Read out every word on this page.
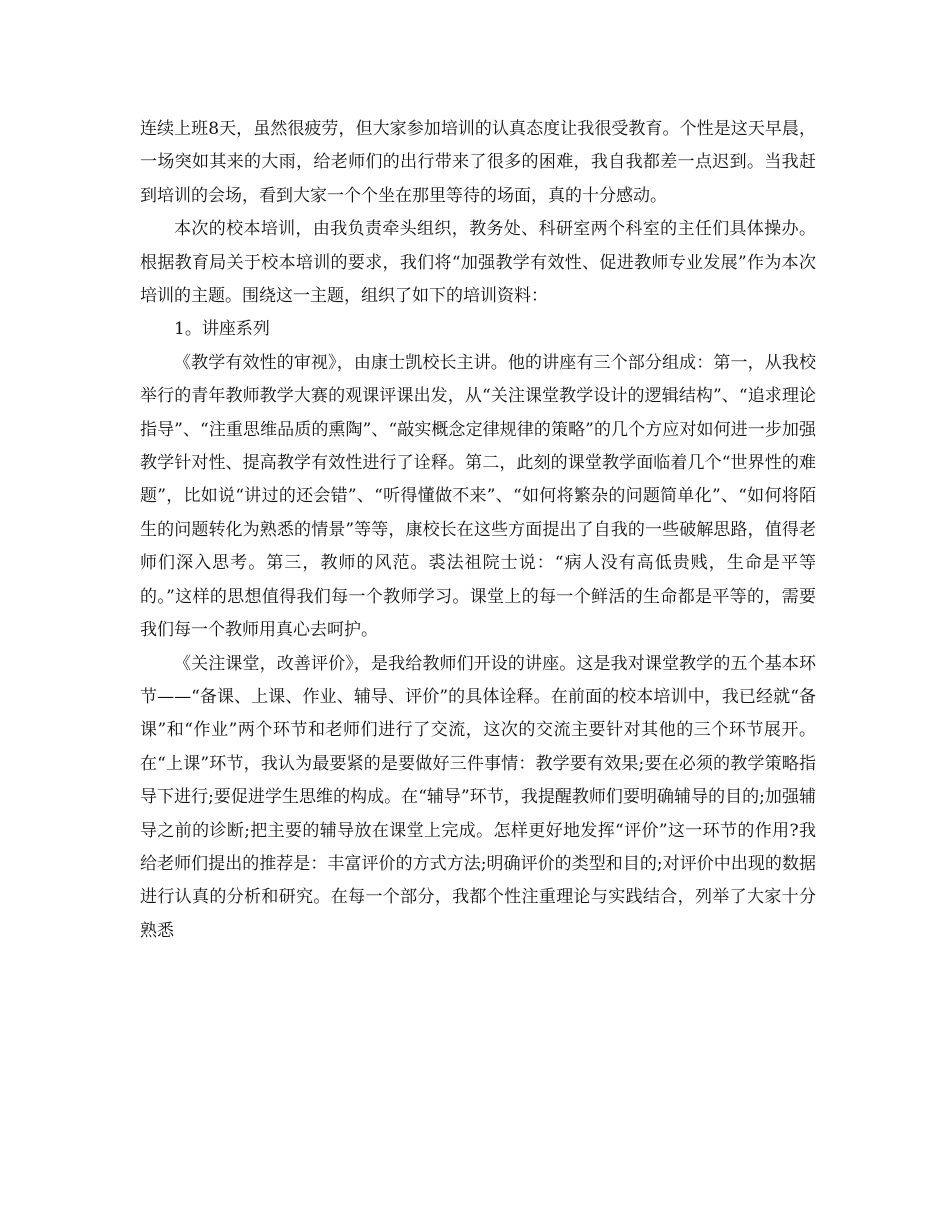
连续上班8天，虽然很疲劳，但大家参加培训的认真态度让我很受教育。个性是这天早晨，一场突如其来的大雨，给老师们的出行带来了很多的困难，我自我都差一点迟到。当我赶到培训的会场，看到大家一个个坐在那里等待的场面，真的十分感动。

本次的校本培训，由我负责牵头组织，教务处、科研室两个科室的主任们具体操办。根据教育局关于校本培训的要求，我们将“加强教学有效性、促进教师专业发展”作为本次培训的主题。围绕这一主题，组织了如下的培训资料：

1。讲座系列

《教学有效性的审视》，由康士凯校长主讲。他的讲座有三个部分组成：第一，从我校举行的青年教师教学大赛的观课评课出发，从“关注课堂教学设计的逻辑结构”、“追求理论指导”、“注重思维品质的熏陶”、“敲实概念定律规律的策略”的几个方应对如何进一步加强教学针对性、提高教学有效性进行了诠释。第二，此刻的课堂教学面临着几个“世界性的难题”，比如说“讲过的还会错”、“听得懂做不来”、“如何将繁杂的问题简单化”、“如何将陌生的问题转化为熟悉的情景”等等，康校长在这些方面提出了自我的一些破解思路，值得老师们深入思考。第三，教师的风范。裘法祖院士说：“病人没有高低贵贱，生命是平等的。”这样的思想值得我们每一个教师学习。课堂上的每一个鲜活的生命都是平等的，需要我们每一个教师用真心去呵护。

《关注课堂，改善评价》，是我给教师们开设的讲座。这是我对课堂教学的五个基本环节——“备课、上课、作业、辅导、评价”的具体诠释。在前面的校本培训中，我已经就“备课”和“作业”两个环节和老师们进行了交流，这次的交流主要针对其他的三个环节展开。在“上课”环节，我认为最要紧的是要做好三件事情：教学要有效果;要在必须的教学策略指导下进行;要促进学生思维的构成。在“辅导”环节，我提醒教师们要明确辅导的目的;加强辅导之前的诊断;把主要的辅导放在课堂上完成。怎样更好地发挥“评价”这一环节的作用?我给老师们提出的推荐是：丰富评价的方式方法;明确评价的类型和目的;对评价中出现的数据进行认真的分析和研究。在每一个部分，我都个性注重理论与实践结合，列举了大家十分熟悉
